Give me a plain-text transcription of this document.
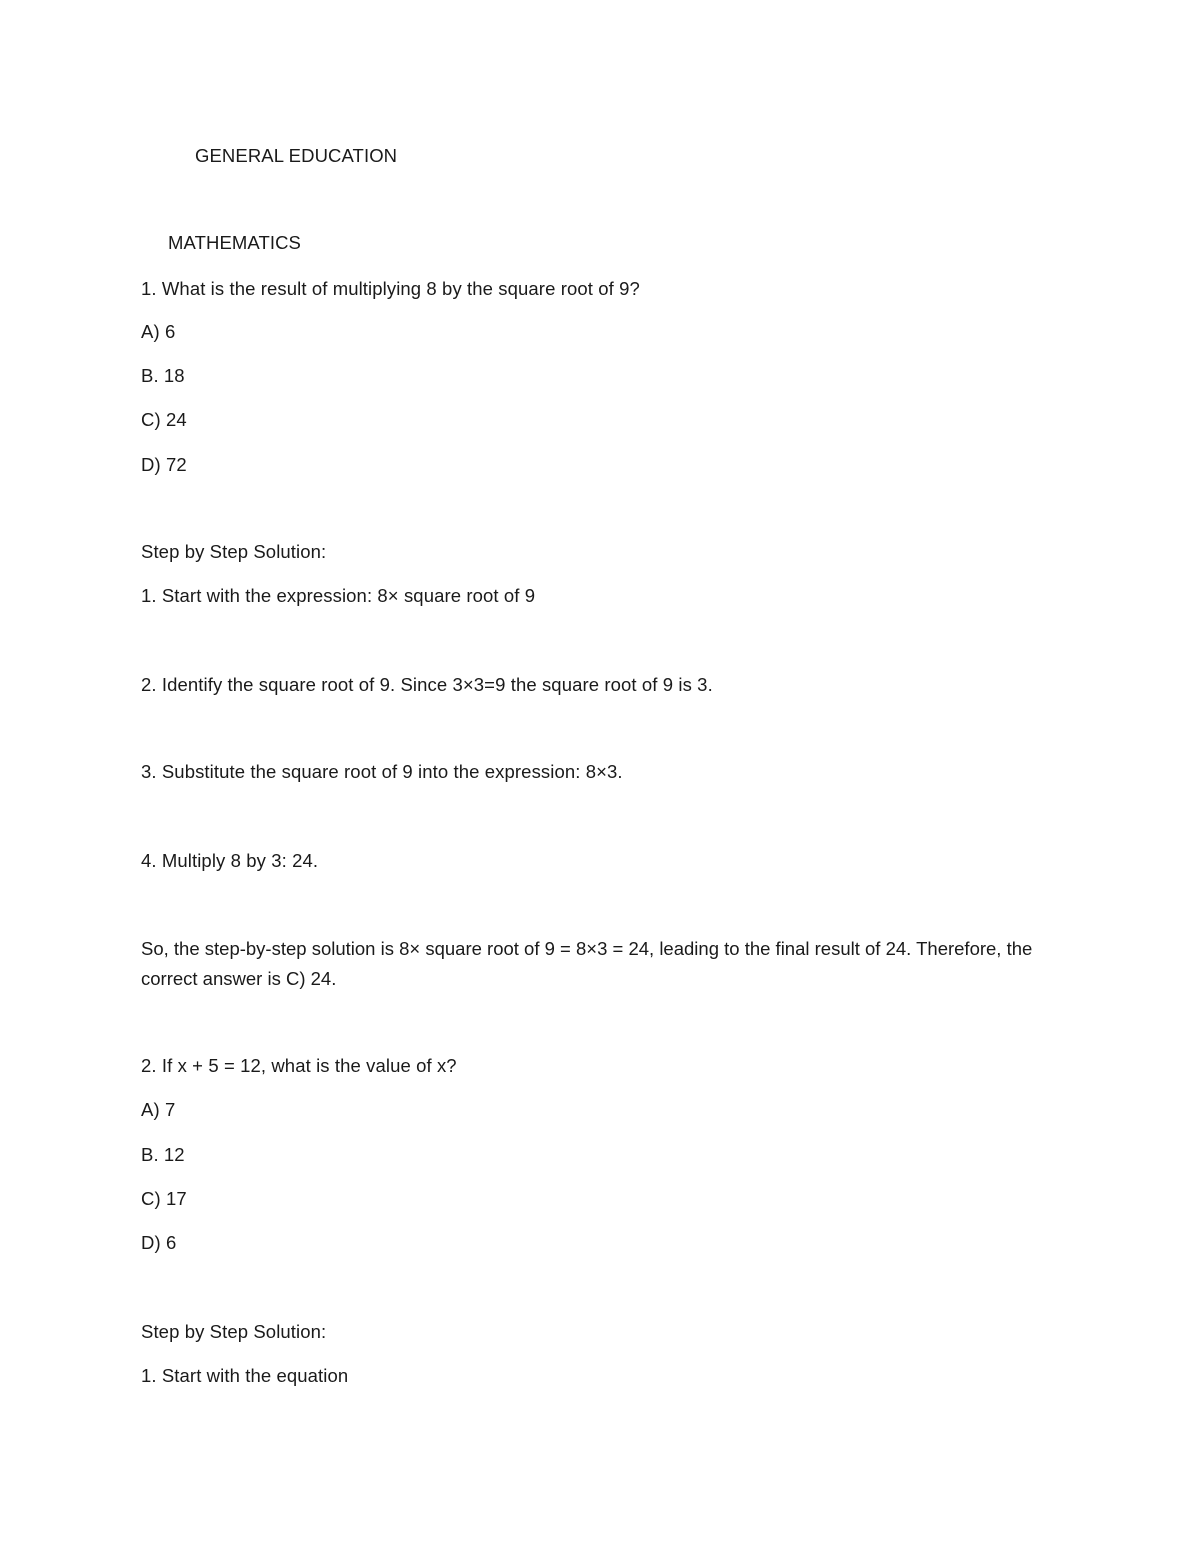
GENERAL EDUCATION
MATHEMATICS
1. What is the result of multiplying 8 by the square root of 9?
A) 6
B. 18
C) 24
D) 72
Step by Step Solution:
1. Start with the expression: 8× square root of 9
2. Identify the square root of 9. Since 3×3=9 the square root of 9 is 3.
3. Substitute the square root of 9 into the expression: 8×3.
4. Multiply 8 by 3: 24.
So, the step-by-step solution is 8× square root of 9 = 8×3 = 24, leading to the final result of 24. Therefore, the correct answer is C) 24.
2. If x + 5 = 12, what is the value of x?
A) 7
B. 12
C) 17
D) 6
Step by Step Solution:
1. Start with the equation
